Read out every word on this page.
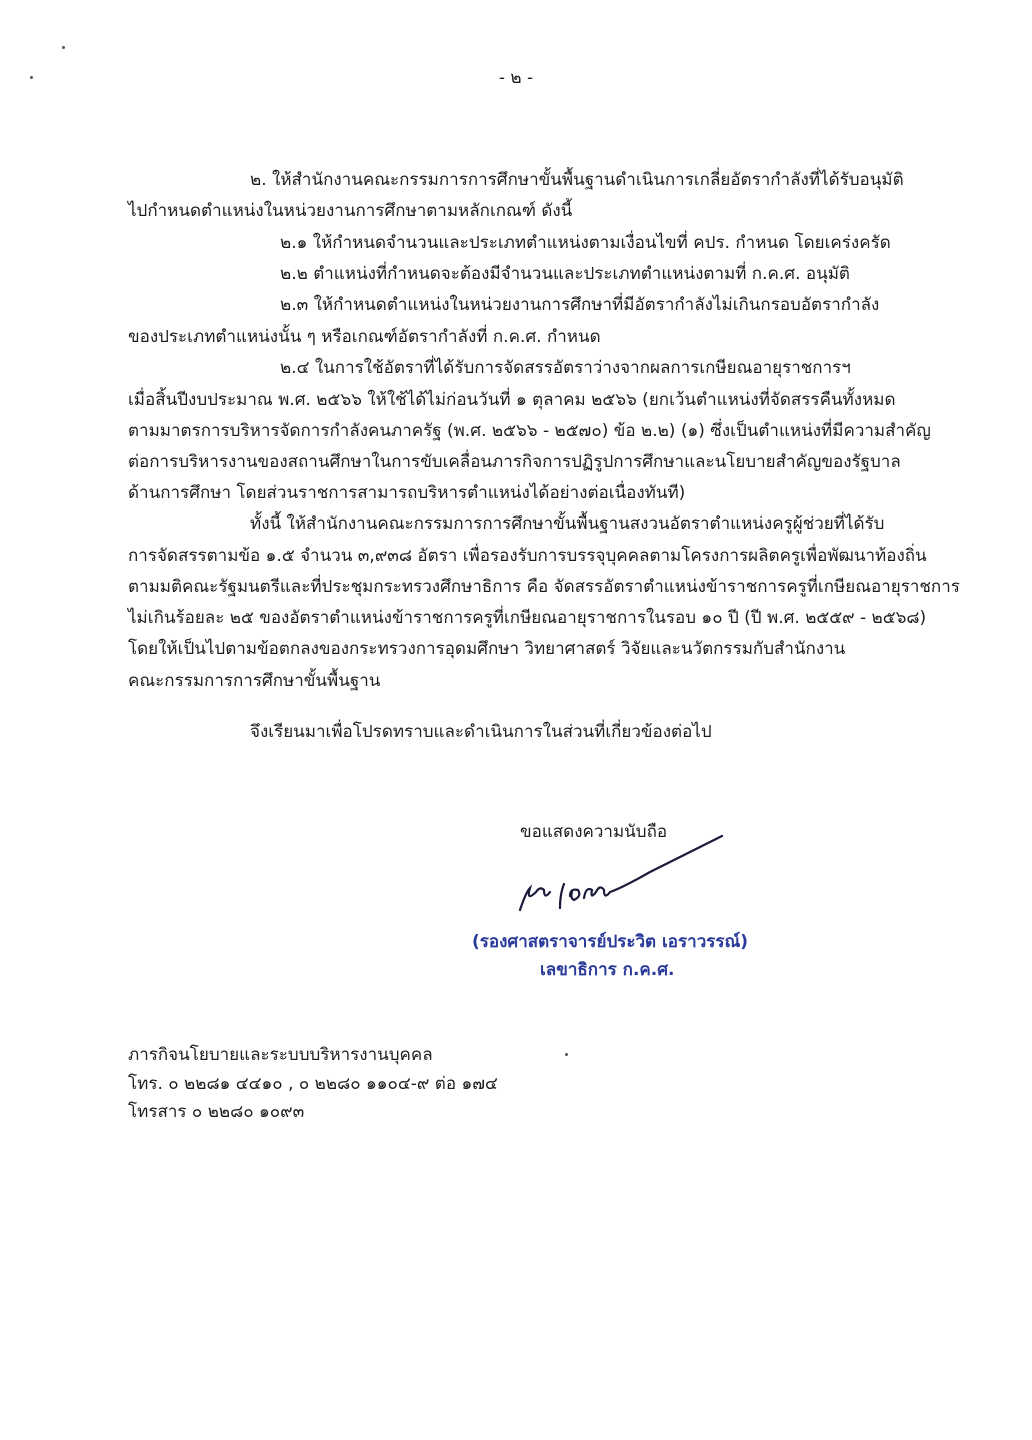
- ๒ -
๒. ให้สำนักงานคณะกรรมการการศึกษาขั้นพื้นฐานดำเนินการเกลี่ยอัตรากำลังที่ได้รับอนุมัติ
ไปกำหนดตำแหน่งในหน่วยงานการศึกษาตามหลักเกณฑ์ ดังนี้
๒.๑ ให้กำหนดจำนวนและประเภทตำแหน่งตามเงื่อนไขที่ คปร. กำหนด โดยเคร่งครัด
๒.๒ ตำแหน่งที่กำหนดจะต้องมีจำนวนและประเภทตำแหน่งตามที่ ก.ค.ศ. อนุมัติ
๒.๓ ให้กำหนดตำแหน่งในหน่วยงานการศึกษาที่มีอัตรากำลังไม่เกินกรอบอัตรากำลัง
ของประเภทตำแหน่งนั้น ๆ หรือเกณฑ์อัตรากำลังที่ ก.ค.ศ. กำหนด
๒.๔ ในการใช้อัตราที่ได้รับการจัดสรรอัตราว่างจากผลการเกษียณอายุราชการฯ
เมื่อสิ้นปีงบประมาณ พ.ศ. ๒๕๖๖ ให้ใช้ได้ไม่ก่อนวันที่ ๑ ตุลาคม ๒๕๖๖ (ยกเว้นตำแหน่งที่จัดสรรคืนทั้งหมด
ตามมาตรการบริหารจัดการกำลังคนภาครัฐ (พ.ศ. ๒๕๖๖ - ๒๕๗๐) ข้อ ๒.๒) (๑) ซึ่งเป็นตำแหน่งที่มีความสำคัญ
ต่อการบริหารงานของสถานศึกษาในการขับเคลื่อนภารกิจการปฏิรูปการศึกษาและนโยบายสำคัญของรัฐบาล
ด้านการศึกษา โดยส่วนราชการสามารถบริหารตำแหน่งได้อย่างต่อเนื่องทันที)
ทั้งนี้ ให้สำนักงานคณะกรรมการการศึกษาขั้นพื้นฐานสงวนอัตราตำแหน่งครูผู้ช่วยที่ได้รับ
การจัดสรรตามข้อ ๑.๕ จำนวน ๓,๙๓๘ อัตรา เพื่อรองรับการบรรจุบุคคลตามโครงการผลิตครูเพื่อพัฒนาท้องถิ่น
ตามมติคณะรัฐมนตรีและที่ประชุมกระทรวงศึกษาธิการ คือ จัดสรรอัตราตำแหน่งข้าราชการครูที่เกษียณอายุราชการ
ไม่เกินร้อยละ ๒๕ ของอัตราตำแหน่งข้าราชการครูที่เกษียณอายุราชการในรอบ ๑๐ ปี (ปี พ.ศ. ๒๕๕๙ - ๒๕๖๘)
โดยให้เป็นไปตามข้อตกลงของกระทรวงการอุดมศึกษา วิทยาศาสตร์ วิจัยและนวัตกรรมกับสำนักงาน
คณะกรรมการการศึกษาขั้นพื้นฐาน
จึงเรียนมาเพื่อโปรดทราบและดำเนินการในส่วนที่เกี่ยวข้องต่อไป
ขอแสดงความนับถือ
(รองศาสตราจารย์ประวิต เอราวรรณ์)
เลขาธิการ ก.ค.ศ.
ภารกิจนโยบายและระบบบริหารงานบุคคล
โทร. ๐ ๒๒๘๑ ๔๔๑๐ , ๐ ๒๒๘๐ ๑๑๐๔-๙ ต่อ ๑๗๔
โทรสาร ๐ ๒๒๘๐ ๑๐๙๓
